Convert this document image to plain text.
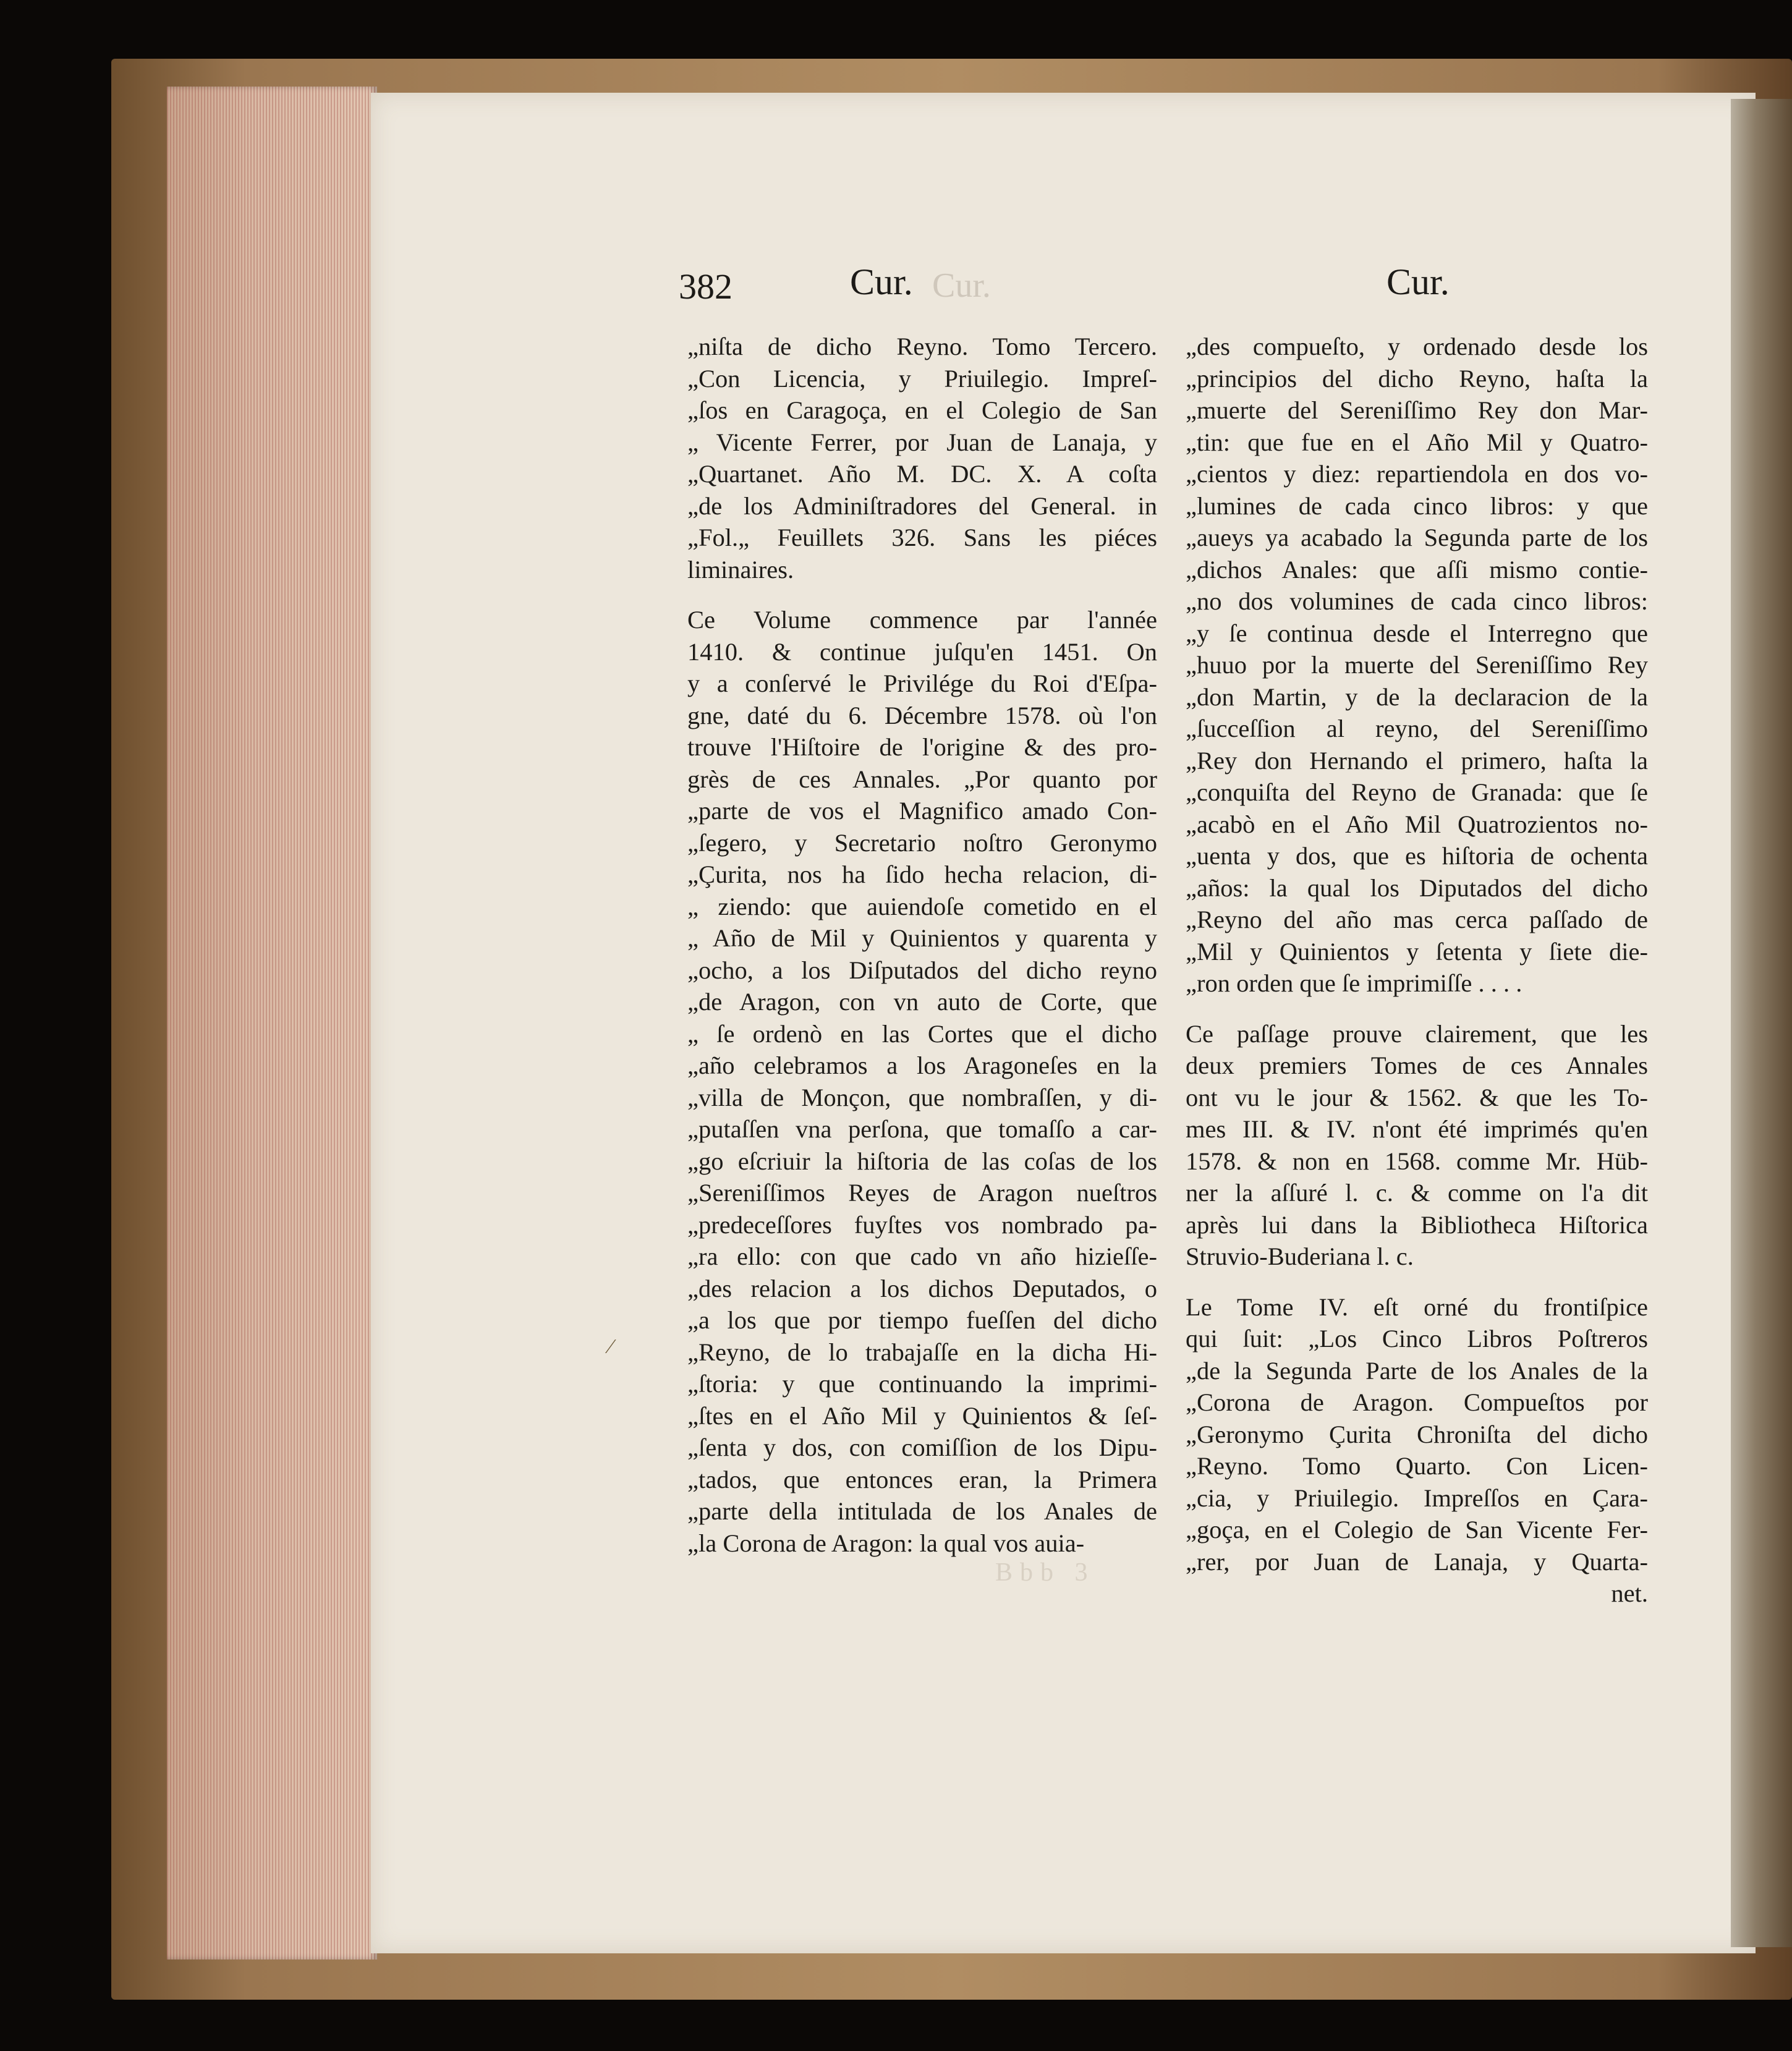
Cur.
382	Cur.	Cur.
„niſta de dicho Reyno. Tomo Tercero.
„Con Licencia, y Priuilegio. Impreſ-
„ſos en Caragoça, en el Colegio de San
„ Vicente Ferrer, por Juan de Lanaja, y
„Quartanet. Año M. DC. X. A coſta
„de los Adminiſtradores del General. in
„Fol.„ Feuillets 326. Sans les piéces
liminaires.
Ce Volume commence par l'année
1410. & continue juſqu'en 1451. On
y a conſervé le Privilége du Roi d'Eſpa-
gne, daté du 6. Décembre 1578. où l'on
trouve l'Hiſtoire de l'origine & des pro-
grès de ces Annales. „Por quanto por
„parte de vos el Magnifico amado Con-
„ſegero, y Secretario noſtro Geronymo
„Çurita, nos ha ſido hecha relacion, di-
„ ziendo: que auiendoſe cometido en el
„ Año de Mil y Quinientos y quarenta y
„ocho, a los Diſputados del dicho reyno
„de Aragon, con vn auto de Corte, que
„ ſe ordenò en las Cortes que el dicho
„año celebramos a los Aragoneſes en la
„villa de Monçon, que nombraſſen, y di-
„putaſſen vna perſona, que tomaſſo a car-
„go eſcriuir la hiſtoria de las coſas de los
„Sereniſſimos Reyes de Aragon nueſtros
„predeceſſores fuyſtes vos nombrado pa-
„ra ello: con que cado vn año hizieſſe-
„des relacion a los dichos Deputados, o
„a los que por tiempo fueſſen del dicho
„Reyno, de lo trabajaſſe en la dicha Hi-
„ſtoria: y que continuando la imprimi-
„ſtes en el Año Mil y Quinientos & ſeſ-
„ſenta y dos, con comiſſion de los Dipu-
„tados, que entonces eran, la Primera
„parte della intitulada de los Anales de
„la Corona de Aragon: la qual vos auia-
„des compueſto, y ordenado desde los
„principios del dicho Reyno, haſta la
„muerte del Sereniſſimo Rey don Mar-
„tin: que fue en el Año Mil y Quatro-
„cientos y diez: repartiendola en dos vo-
„lumines de cada cinco libros: y que
„aueys ya acabado la Segunda parte de los
„dichos Anales: que aſſi mismo contie-
„no dos volumines de cada cinco libros:
„y ſe continua desde el Interregno que
„huuo por la muerte del Sereniſſimo Rey
„don Martin, y de la declaracion de la
„ſucceſſion al reyno, del Sereniſſimo
„Rey don Hernando el primero, haſta la
„conquiſta del Reyno de Granada: que ſe
„acabò en el Año Mil Quatrozientos no-
„uenta y dos, que es hiſtoria de ochenta
„años: la qual los Diputados del dicho
„Reyno del año mas cerca paſſado de
„Mil y Quinientos y ſetenta y ſiete die-
„ron orden que ſe imprimiſſe . . . .
Ce paſſage prouve clairement, que les
deux premiers Tomes de ces Annales
ont vu le jour & 1562. & que les To-
mes III. & IV. n'ont été imprimés qu'en
1578. & non en 1568. comme Mr. Hüb-
ner la aſſuré l. c. & comme on l'a dit
après lui dans la Bibliotheca Hiſtorica
Struvio-Buderiana l. c.
Le Tome IV. eſt orné du frontiſpice
qui ſuit: „Los Cinco Libros Poſtreros
„de la Segunda Parte de los Anales de la
„Corona de Aragon. Compueſtos por
„Geronymo Çurita Chroniſta del dicho
„Reyno. Tomo Quarto. Con Licen-
„cia, y Priuilegio. Impreſſos en Çara-
„goça, en el Colegio de San Vicente Fer-
„rer, por Juan de Lanaja, y Quarta-
net.
Bbb 3
⁄
